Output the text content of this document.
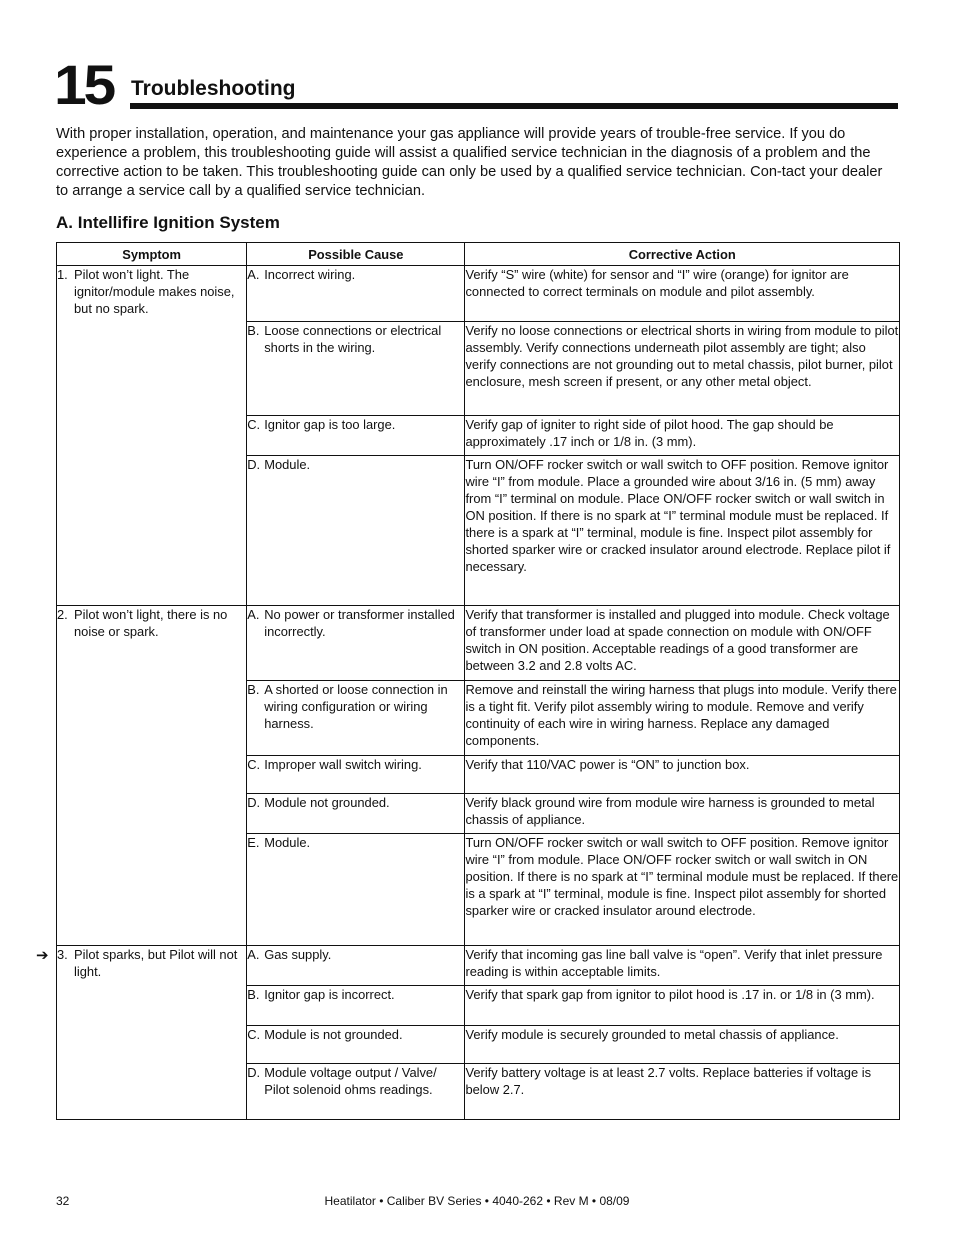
15 Troubleshooting

With proper installation, operation, and maintenance your gas appliance will provide years of trouble-free service. If you do experience a problem, this troubleshooting guide will assist a qualified service technician in the diagnosis of a problem and the corrective action to be taken. This troubleshooting guide can only be used by a qualified service technician. Con-tact your dealer to arrange a service call by a qualified service technician.

A. Intellifire Ignition System
Symptom	Possible Cause	Corrective Action

1. Pilot won’t light. The ignitor/module makes noise, but no spark.	A. Incorrect wiring.	Verify “S” wire (white) for sensor and “I” wire (orange) for ignitor are connected to correct terminals on module and pilot assembly.

	B. Loose connections or electrical shorts in the wiring.	Verify no loose connections or electrical shorts in wiring from module to pilot assembly. Verify connections underneath pilot assembly are tight; also verify connections are not grounding out to metal chassis, pilot burner, pilot enclosure, mesh screen if present, or any other metal object.

	C. Ignitor gap is too large.	Verify gap of igniter to right side of pilot hood. The gap should be approximately .17 inch or 1/8 in. (3 mm).

	D. Module.	Turn ON/OFF rocker switch or wall switch to OFF position. Remove ignitor wire “I” from module. Place a grounded wire about 3/16 in. (5 mm) away from “I” terminal on module. Place ON/OFF rocker switch or wall switch in ON position. If there is no spark at “I” terminal module must be replaced. If there is a spark at “I” terminal, module is fine. Inspect pilot assembly for shorted sparker wire or cracked insulator around electrode. Replace pilot if necessary.

2. Pilot won’t light, there is no noise or spark.	A. No power or transformer installed incorrectly.	Verify that transformer is installed and plugged into module. Check voltage of transformer under load at spade connection on module with ON/OFF switch in ON position. Acceptable readings of a good transformer are between 3.2 and 2.8 volts AC.

	B. A shorted or loose connection in wiring configuration or wiring harness.	Remove and reinstall the wiring harness that plugs into module. Verify there is a tight fit. Verify pilot assembly wiring to module. Remove and verify continuity of each wire in wiring harness. Replace any damaged components.

	C. Improper wall switch wiring.	Verify that 110/VAC power is “ON” to junction box.

	D. Module not grounded.	Verify black ground wire from module wire harness is grounded to metal chassis of appliance.

	E. Module.	Turn ON/OFF rocker switch or wall switch to OFF position. Remove ignitor wire “I” from module. Place ON/OFF rocker switch or wall switch in ON position. If there is no spark at “I” terminal module must be replaced. If there is a spark at “I” terminal, module is fine. Inspect pilot assembly for shorted sparker wire or cracked insulator around electrode.

3. Pilot sparks, but Pilot will not light.	A. Gas supply.	Verify that incoming gas line ball valve is “open”. Verify that inlet pressure reading is within acceptable limits.

	B. Ignitor gap is incorrect.	Verify that spark gap from ignitor to pilot hood is .17 in. or 1/8 in (3 mm).

	C. Module is not grounded.	Verify module is securely grounded to metal chassis of appliance.

	D. Module voltage output / Valve/ Pilot solenoid ohms readings.	Verify battery voltage is at least 2.7 volts. Replace batteries if voltage is below 2.7.
➔
32	Heatilator • Caliber BV Series • 4040-262 • Rev M • 08/09
